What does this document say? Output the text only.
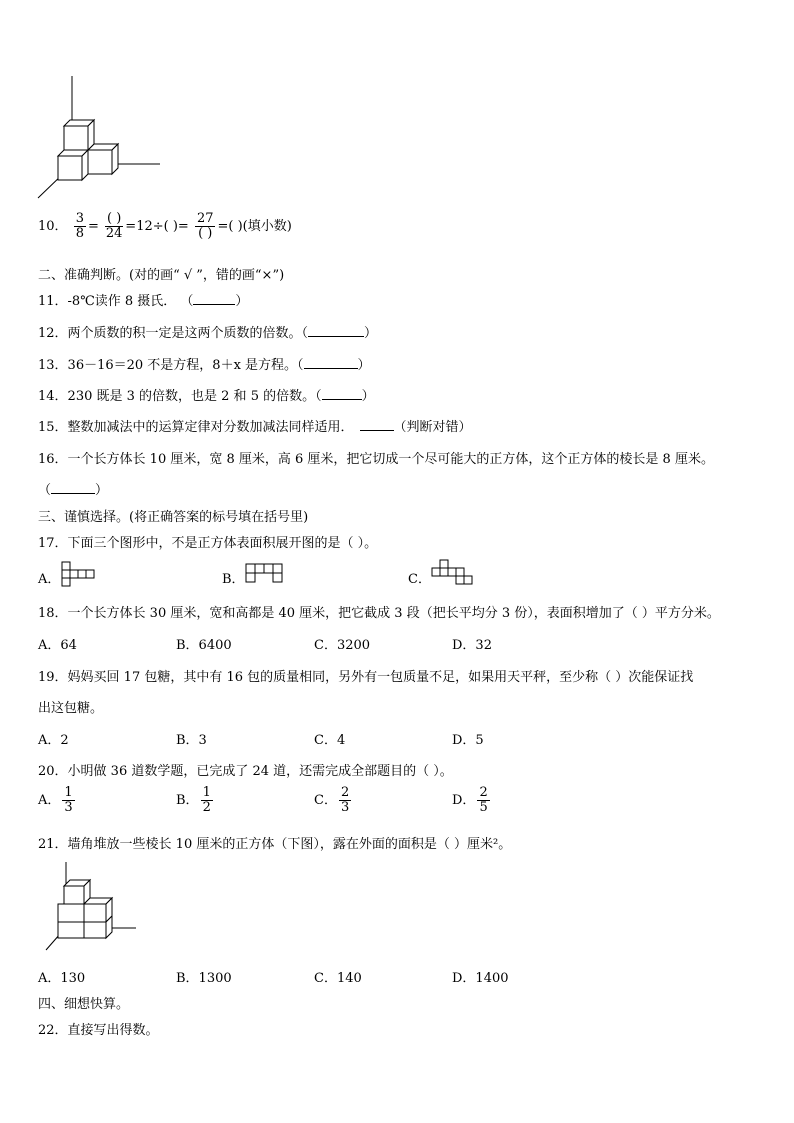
10． $\frac{3}{8} = \frac{( )}{24} =12\div$( )= $\frac{27}{( )}$ =( )(填小数)
二、准确判断。(对的画“ √ ”，错的画“×”)
11．-8℃读作 8 摄氏． （	）
12．两个质数的积一定是这两个质数的倍数。（	）
13．36－16＝20 不是方程，8＋x 是方程。（	）
14．230 既是 3 的倍数，也是 2 和 5 的倍数。（	）
15．整数加减法中的运算定律对分数加减法同样适用．	（判断对错）
16．一个长方体长 10 厘米，宽 8 厘米，高 6 厘米，把它切成一个尽可能大的正方体，这个正方体的棱长是 8 厘米。
（	）
三、谨慎选择。(将正确答案的标号填在括号里)
17．下面三个图形中，不是正方体表面积展开图的是（ ）。
A．	B．	C．
18．一个长方体长 30 厘米，宽和高都是 40 厘米，把它截成 3 段（把长平均分 3 份），表面积增加了（ ）平方分米。
A．64	B．6400	C．3200	D．32
19．妈妈买回 17 包糖，其中有 16 包的质量相同，另外有一包质量不足，如果用天平秤，至少称（ ）次能保证找
出这包糖。
A．2	B．3	C．4	D．5
20．小明做 36 道数学题，已完成了 24 道，还需完成全部题目的（ ）。
A． $\frac{1}{3}$	B． $\frac{1}{2}$	C． $\frac{2}{3}$	D． $\frac{2}{5}$
21．墙角堆放一些棱长 10 厘米的正方体（下图），露在外面的面积是（ ）厘米²。
A．130	B．1300	C．140	D．1400
四、细想快算。
22．直接写出得数。
